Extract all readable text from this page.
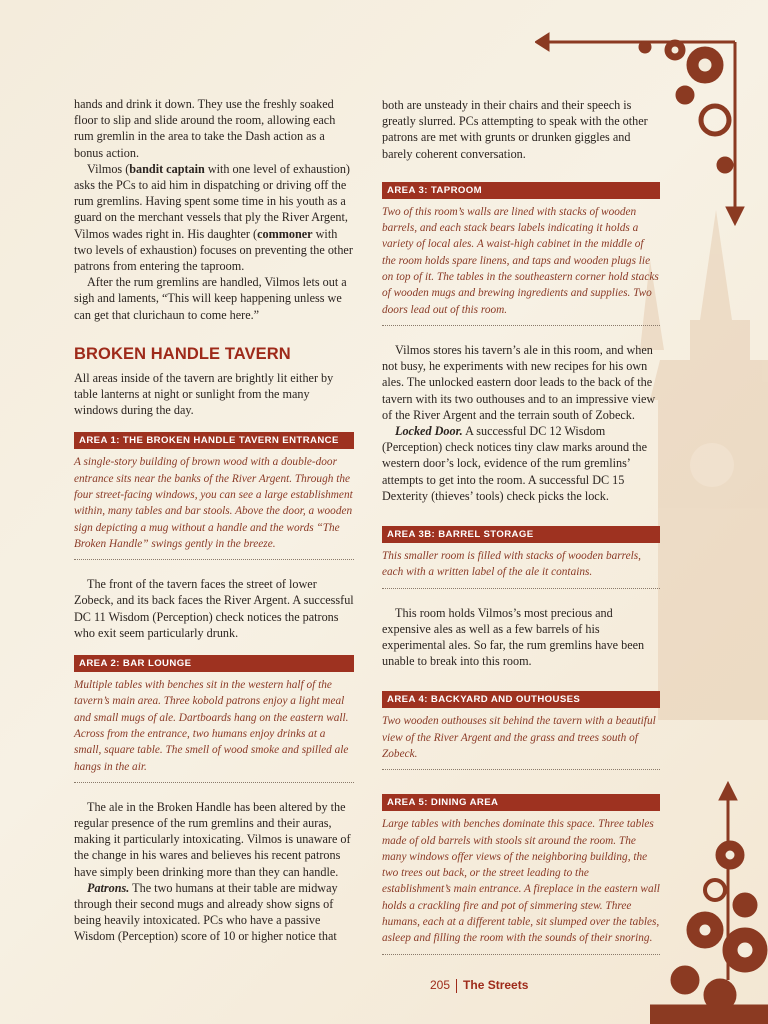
hands and drink it down. They use the freshly soaked floor to slip and slide around the room, allowing each rum gremlin in the area to take the Dash action as a bonus action.

Vilmos (bandit captain with one level of exhaustion) asks the PCs to aid him in dispatching or driving off the rum gremlins. Having spent some time in his youth as a guard on the merchant vessels that ply the River Argent, Vilmos wades right in. His daughter (commoner with two levels of exhaustion) focuses on preventing the other patrons from entering the taproom.

After the rum gremlins are handled, Vilmos lets out a sigh and laments, “This will keep happening unless we can get that clurichaun to come here.”

BROKEN HANDLE TAVERN

All areas inside of the tavern are brightly lit either by table lanterns at night or sunlight from the many windows during the day.

AREA 1: THE BROKEN HANDLE TAVERN ENTRANCE

A single-story building of brown wood with a double-door entrance sits near the banks of the River Argent. Through the four street-facing windows, you can see a large establishment within, many tables and bar stools. Above the door, a wooden sign depicting a mug without a handle and the words “The Broken Handle” swings gently in the breeze.

The front of the tavern faces the street of lower Zobeck, and its back faces the River Argent. A successful DC 11 Wisdom (Perception) check notices the patrons who exit seem particularly drunk.

AREA 2: BAR LOUNGE

Multiple tables with benches sit in the western half of the tavern’s main area. Three kobold patrons enjoy a light meal and small mugs of ale. Dartboards hang on the eastern wall. Across from the entrance, two humans enjoy drinks at a small, square table. The smell of wood smoke and spilled ale hangs in the air.

The ale in the Broken Handle has been altered by the regular presence of the rum gremlins and their auras, making it particularly intoxicating. Vilmos is unaware of the change in his wares and believes his recent patrons have simply been drinking more than they can handle.

Patrons. The two humans at their table are midway through their second mugs and already show signs of being heavily intoxicated. PCs who have a passive Wisdom (Perception) score of 10 or higher notice that

both are unsteady in their chairs and their speech is greatly slurred. PCs attempting to speak with the other patrons are met with grunts or drunken giggles and barely coherent conversation.

AREA 3: TAPROOM

Two of this room’s walls are lined with stacks of wooden barrels, and each stack bears labels indicating it holds a variety of local ales. A waist-high cabinet in the middle of the room holds spare linens, and taps and wooden plugs lie on top of it. The tables in the southeastern corner hold stacks of wooden mugs and brewing ingredients and supplies. Two doors lead out of this room.

Vilmos stores his tavern’s ale in this room, and when not busy, he experiments with new recipes for his own ales. The unlocked eastern door leads to the back of the tavern with its two outhouses and to an impressive view of the River Argent and the terrain south of Zobeck.

Locked Door. A successful DC 12 Wisdom (Perception) check notices tiny claw marks around the western door’s lock, evidence of the rum gremlins’ attempts to get into the room. A successful DC 15 Dexterity (thieves’ tools) check picks the lock.

AREA 3B: BARREL STORAGE

This smaller room is filled with stacks of wooden barrels, each with a written label of the ale it contains.

This room holds Vilmos’s most precious and expensive ales as well as a few barrels of his experimental ales. So far, the rum gremlins have been unable to break into this room.

AREA 4: BACKYARD AND OUTHOUSES

Two wooden outhouses sit behind the tavern with a beautiful view of the River Argent and the grass and trees south of Zobeck.

AREA 5: DINING AREA

Large tables with benches dominate this space. Three tables made of old barrels with stools sit around the room. The many windows offer views of the neighboring building, the two trees out back, or the street leading to the establishment’s main entrance. A fireplace in the eastern wall holds a crackling fire and pot of simmering stew. Three humans, each at a different table, sit slumped over the tables, asleep and filling the room with the sounds of their snoring.

205 The Streets
